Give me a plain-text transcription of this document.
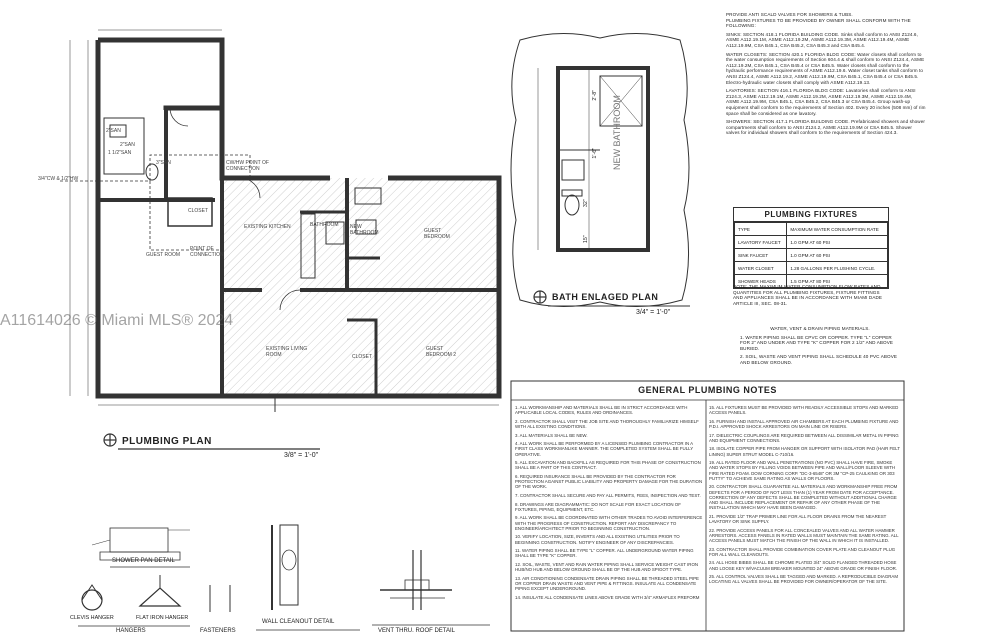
A11614026 © Miami MLS® 2024
3/4"CW & 1/2"HW
CW/HW POINT OF CONNECTION
POINT OF CONNECTION
2"SAN
3"SAN
2"SAN
1 1/2"SAN
EXISTING KITCHEN
GUEST ROOM
CLOSET
BATHROOM NEW BATHROOM	GUEST BEDROOM
EXISTING LIVING ROOM
GUEST BEDROOM 2
CLOSET
PLUMBING PLAN
3/8" = 1'-0"
NEW BATHROOM
2'-8"
1'-6"
32"
15"
BATH ENLAGED PLAN
3/4" = 1'-0"
PROVIDE ANTI SCALD VALVES FOR SHOWERS & TUBS.
PLUMBING FIXTURES TO BE PROVIDED BY OWNER SHALL CONFORM WITH THE FOLLOWING:
SINKS: SECTION 418.1 FLORIDA BUILDING CODE. Sinks shall conform to ANSI Z124.6, ASME A112.19.1M, ASME A112.19.2M, ASME A112.19.3M, ASME A112.19.4M, ASME A112.19.9M, CSA B45.1, CSA B45.2, CSA B45.3 and CSA B45.4.
WATER CLOSETS: SECTION 420.1 FLORIDA BLDG CODE: Water closets shall conform to the water consumption requirements of Section 604.4 & shall conform to ANSI Z124.4, ASME A112.19.2M, CSA B45.1, CSA B45.4 or CSA B45.5. Water closets shall conform to the hydraulic performance requirements of ASME A112.19.6. Water closet tanks shall conform to ANSI Z124.4, ASME A112.19.2, ASME A112.19.9M, CSA B45.1, CSA B45.4 or CSA B45.5. Electro-hydraulic water closets shall comply with ASME A112.19.13.
LAVATORIES: SECTION 416.1 FLORIDA BLDG CODE: Lavatories shall conform to ANSI Z124.3, ASME A112.19.1M, ASME A112.19.2M, ASME A112.19.3M, ASME A112.19.4M, ASME A112.19.9M, CSA B45.1, CSA B45.2, CSA B45.3 or CSA B45.4. Group wash-up equipment shall conform to the requirements of Section 402. Every 20 inches (508 mm) of rim space shall be considered as one lavatory.
SHOWERS: SECTION 417.1 FLORIDA BUILDING CODE. Prefabricated showers and shower compartments shall conform to ANSI Z124.2, ASME A112.19.9M or CSA B45.5. Shower valves for individual showers shall conform to the requirements of Section 424.3.
PLUMBING FIXTURES
TYPE	MAXIMUM WATER CONSUMPTION RATE
LAVATORY FAUCET	1.0 GPM AT 60 PSI
SINK FAUCET	1.0 GPM AT 60 PSI
WATER CLOSET	1.28 GALLONS PER FLUSHING CYCLE.
SHOWER HEADS	1.5 GPM AT 80 PSI
NOTE: THE MAXIMUM WATER CONSUMPTION FLOW RATES AND QUANTITIES FOR ALL PLUMBING FIXTURES, FIXTURE FITTINGS AND APPLIANCES SHALL BE IN ACCORDANCE WITH MIAMI DADE ARTICLE III, SEC. 08-31.
WATER, VENT & DRAIN PIPING MATERIALS.
1. WATER PIPING SHALL BE CPVC OR COPPER. TYPE "L" COPPER FOR 2" AND UNDER AND TYPE "K" COPPER FOR 2 1/2" AND ABOVE BURIED.
2. SOIL, WASTE AND VENT PIPING SHALL SCHEDULE 40 PVC ABOVE AND BELOW GROUND.
GENERAL PLUMBING NOTES

1. ALL WORKMANSHIP AND MATERIALS SHALL BE IN STRICT ACCORDANCE WITH APPLICABLE LOCAL CODES, RULES AND ORDINANCES.

2. CONTRACTOR SHALL VISIT THE JOB SITE AND THOROUGHLY FAMILIARIZE HIMSELF WITH ALL EXISTING CONDITIONS.

3. ALL MATERIALS SHALL BE NEW.

4. ALL WORK SHALL BE PERFORMED BY A LICENSED PLUMBING CONTRACTOR IN A FIRST CLASS WORKMANLIKE MANNER. THE COMPLETED SYSTEM SHALL BE FULLY OPERATIVE.

5. ALL EXCAVATION AND BACKFILL AS REQUIRED FOR THIS PHASE OF CONSTRUCTION SHALL BE A PART OF THIS CONTRACT.

6. REQUIRED INSURANCE SHALL BE PROVIDED BY THE CONTRACTOR FOR PROTECTION AGAINST PUBLIC LIABILITY AND PROPERTY DAMAGE FOR THE DURATION OF THE WORK.

7. CONTRACTOR SHALL SECURE AND PAY ALL PERMITS, FEES, INSPECTION AND TEST.

8. DRAWINGS ARE DIAGRAMMATIC: DO NOT SCALE FOR EXACT LOCATION OF FIXTURES, PIPING, EQUIPMENT, ETC.

9. ALL WORK SHALL BE COORDINATED WITH OTHER TRADES TO AVOID INTERFERENCE WITH THE PROGRESS OF CONSTRUCTION. REPORT ANY DISCREPANCY TO ENGINEER/ARCHITECT PRIOR TO BEGINNING CONSTRUCTION.

10. VERIFY LOCATION, SIZE, INVERTS AND ALL EXISTING UTILITIES PRIOR TO BEGINNING CONSTRUCTION. NOTIFY ENGINEER OF ANY DISCREPANCIES.

11. WATER PIPING SHALL BE TYPE "L" COPPER. ALL UNDERGROUND WATER PIPING SHALL BE TYPE "K" COPPER.

12. SOIL, WASTE, VENT AND RAIN WATER PIPING SHALL SERVICE WEIGHT CAST IRON HUB/NO HUB AND BELOW GROUND SHALL BE OF THE HUB AND SPIGOT TYPE.

13. AIR CONDITIONING CONDENSATE DRAIN PIPING SHALL BE THREADED STEEL PIPE OR COPPER DRAIN WASTE AND VENT PIPE & FITTINGS. INSULATE ALL CONDENSATE PIPING EXCEPT UNDERGROUND.

14. INSULATE ALL CONDENSATE LINES ABOVE GRADE WITH 3/4" ARMAFLEX PREFORM

15. ALL FIXTURES MUST BE PROVIDED WITH READILY ACCESSIBLE STOPS AND MARKED ACCESS PANELS.

16. FURNISH AND INSTALL APPROVED AIR CHAMBERS AT EACH PLUMBING FIXTURE AND P.D.I. APPROVED SHOCK ARRESTORS ON MAIN LINE OR RISERS.

17. DIELECTRIC COUPLINGS ARE REQUIRED BETWEEN ALL DISSIMILAR METAL IN PIPING AND EQUIPMENT CONNECTIONS.

18. ISOLATE COPPER PIPE FROM HANGER OR SUPPORT WITH ISOLATOR PAD (HAIR FELT LINING) SUPER STRUT MODEL C-710/16.

19. ALL RATED FLOOR AND WALL PENETRATIONS (NO PVC) SHALL HAVE FIRE, SMOKE AND WATER STOPS BY FILLING VOIDS BETWEEN PIPE AND WALL/FLOOR SLEEVE WITH FIRE RATED FOAM. DOW CORNING CORP. "DC-3-6548" OR 3M "CP-25 CAULKING OR 303 PUTTY" TO ACHIEVE SAME RATING AS WALLS OR FLOORS.

20. CONTRACTOR SHALL GUARANTEE ALL MATERIALS AND WORKMANSHIP FREE FROM DEFECTS FOR A PERIOD OF NOT LESS THAN (1) YEAR FROM DATE FOR ACCEPTANCE. CORRECTION OF ANY DEFECTS SHALL BE COMPLETED WITHOUT ADDITIONAL CHARGE AND SHALL INCLUDE REPLACEMENT OR REPAIR OF ANY OTHER PHASE OF THE INSTALLATION WHICH MAY HAVE BEEN DAMAGED.

21. PROVIDE 1/2" TRAP PRIMER LINE FOR ALL FLOOR DRAINS FROM THE NEAREST LAVATORY OR SINK SUPPLY.

22. PROVIDE ACCESS PANELS FOR ALL CONCEALED VALVES AND ALL WATER HAMMER ARRESTORS. ACCESS PANELS IN RATED WALLS MUST MAINTAIN THE SAME RATING. ALL ACCESS PANELS MUST MATCH THE FINISH OF THE WALL IN WHICH IT IS INSTALLED.

23. CONTRACTOR SHALL PROVIDE COMBINATION COVER PLATE AND CLEANOUT PLUG FOR ALL WALL CLEANOUTS.

24. ALL HOSE BIBBS SHALL BE CHROME PLATED 3/4" SOLID FLANGED THREADED HOSE AND LOOSE KEY W/VACUUM BREAKER MOUNTED 24" ABOVE GRADE OR FINISH FLOOR.

25. ALL CONTROL VALVES SHALL BE TAGGED AND MARKED. A REPRODUCIBLE DIAGRAM LOCATING ALL VALVES SHALL BE PROVIDED FOR OWNER/OPERATOR OF THE SITE.

SHOWER PAN DETAIL
CLEVIS HANGER	FLAT IRON HANGER
HANGERS	FASTENERS
WALL CLEANOUT DETAIL
VENT THRU. ROOF DETAIL
